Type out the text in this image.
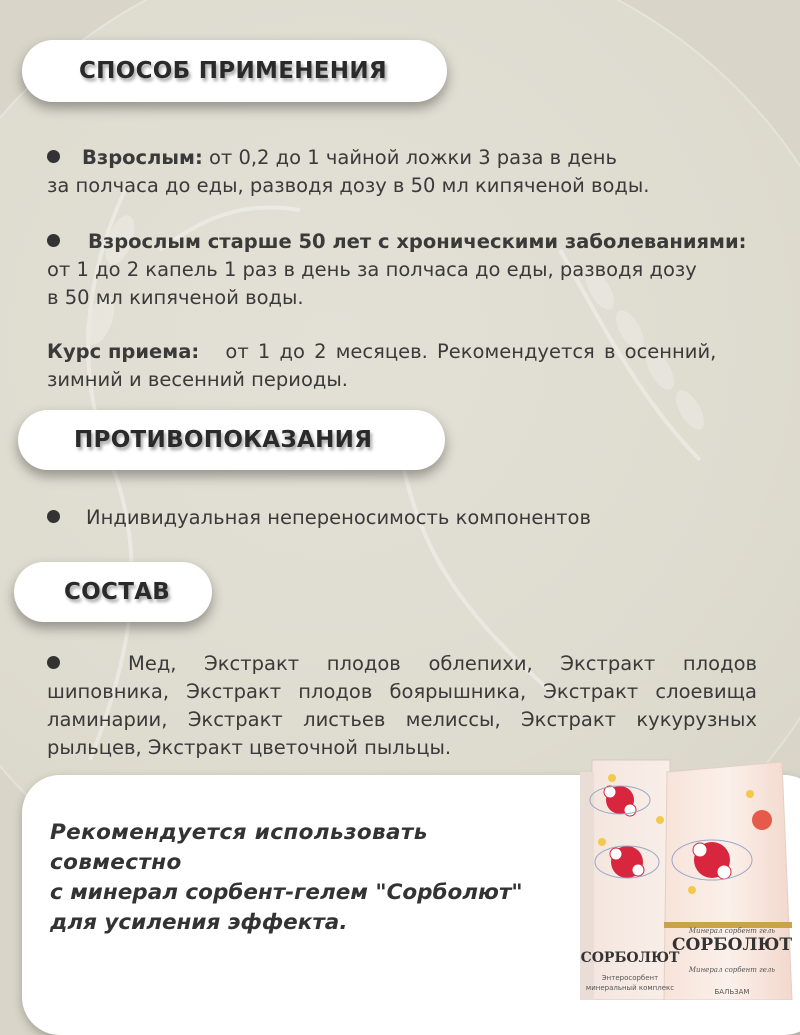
СПОСОБ ПРИМЕНЕНИЯ
Взрослым: от 0,2 до 1 чайной ложки 3 раза в день
за полчаса до еды, разводя дозу в 50 мл кипяченой воды.
Взрослым старше 50 лет с хроническими заболеваниями:
от 1 до 2 капель 1 раз в день за полчаса до еды, разводя дозу
в 50 мл кипяченой воды.
Курс приема: от 1 до 2 месяцев. Рекомендуется в осенний,
зимний и весенний периоды.
ПРОТИВОПОКАЗАНИЯ
Индивидуальная непереносимость компонентов
СОСТАВ
Мед, Экстракт плодов облепихи, Экстракт плодов
шиповника, Экстракт плодов боярышника, Экстракт слоевища
ламинарии, Экстракт листьев мелиссы, Экстракт кукурузных
рыльцев, Экстракт цветочной пыльцы.
Рекомендуется использовать совместно
с минерал сорбент-гелем "Сорболют"
для усиления эффекта.
СОРБОЛЮТ
Минерал сорбент гель
Минерал сорбент гель
БАЛЬЗАМ
СОРБОЛЮТ
Энтеросорбент
минеральный комплекс
